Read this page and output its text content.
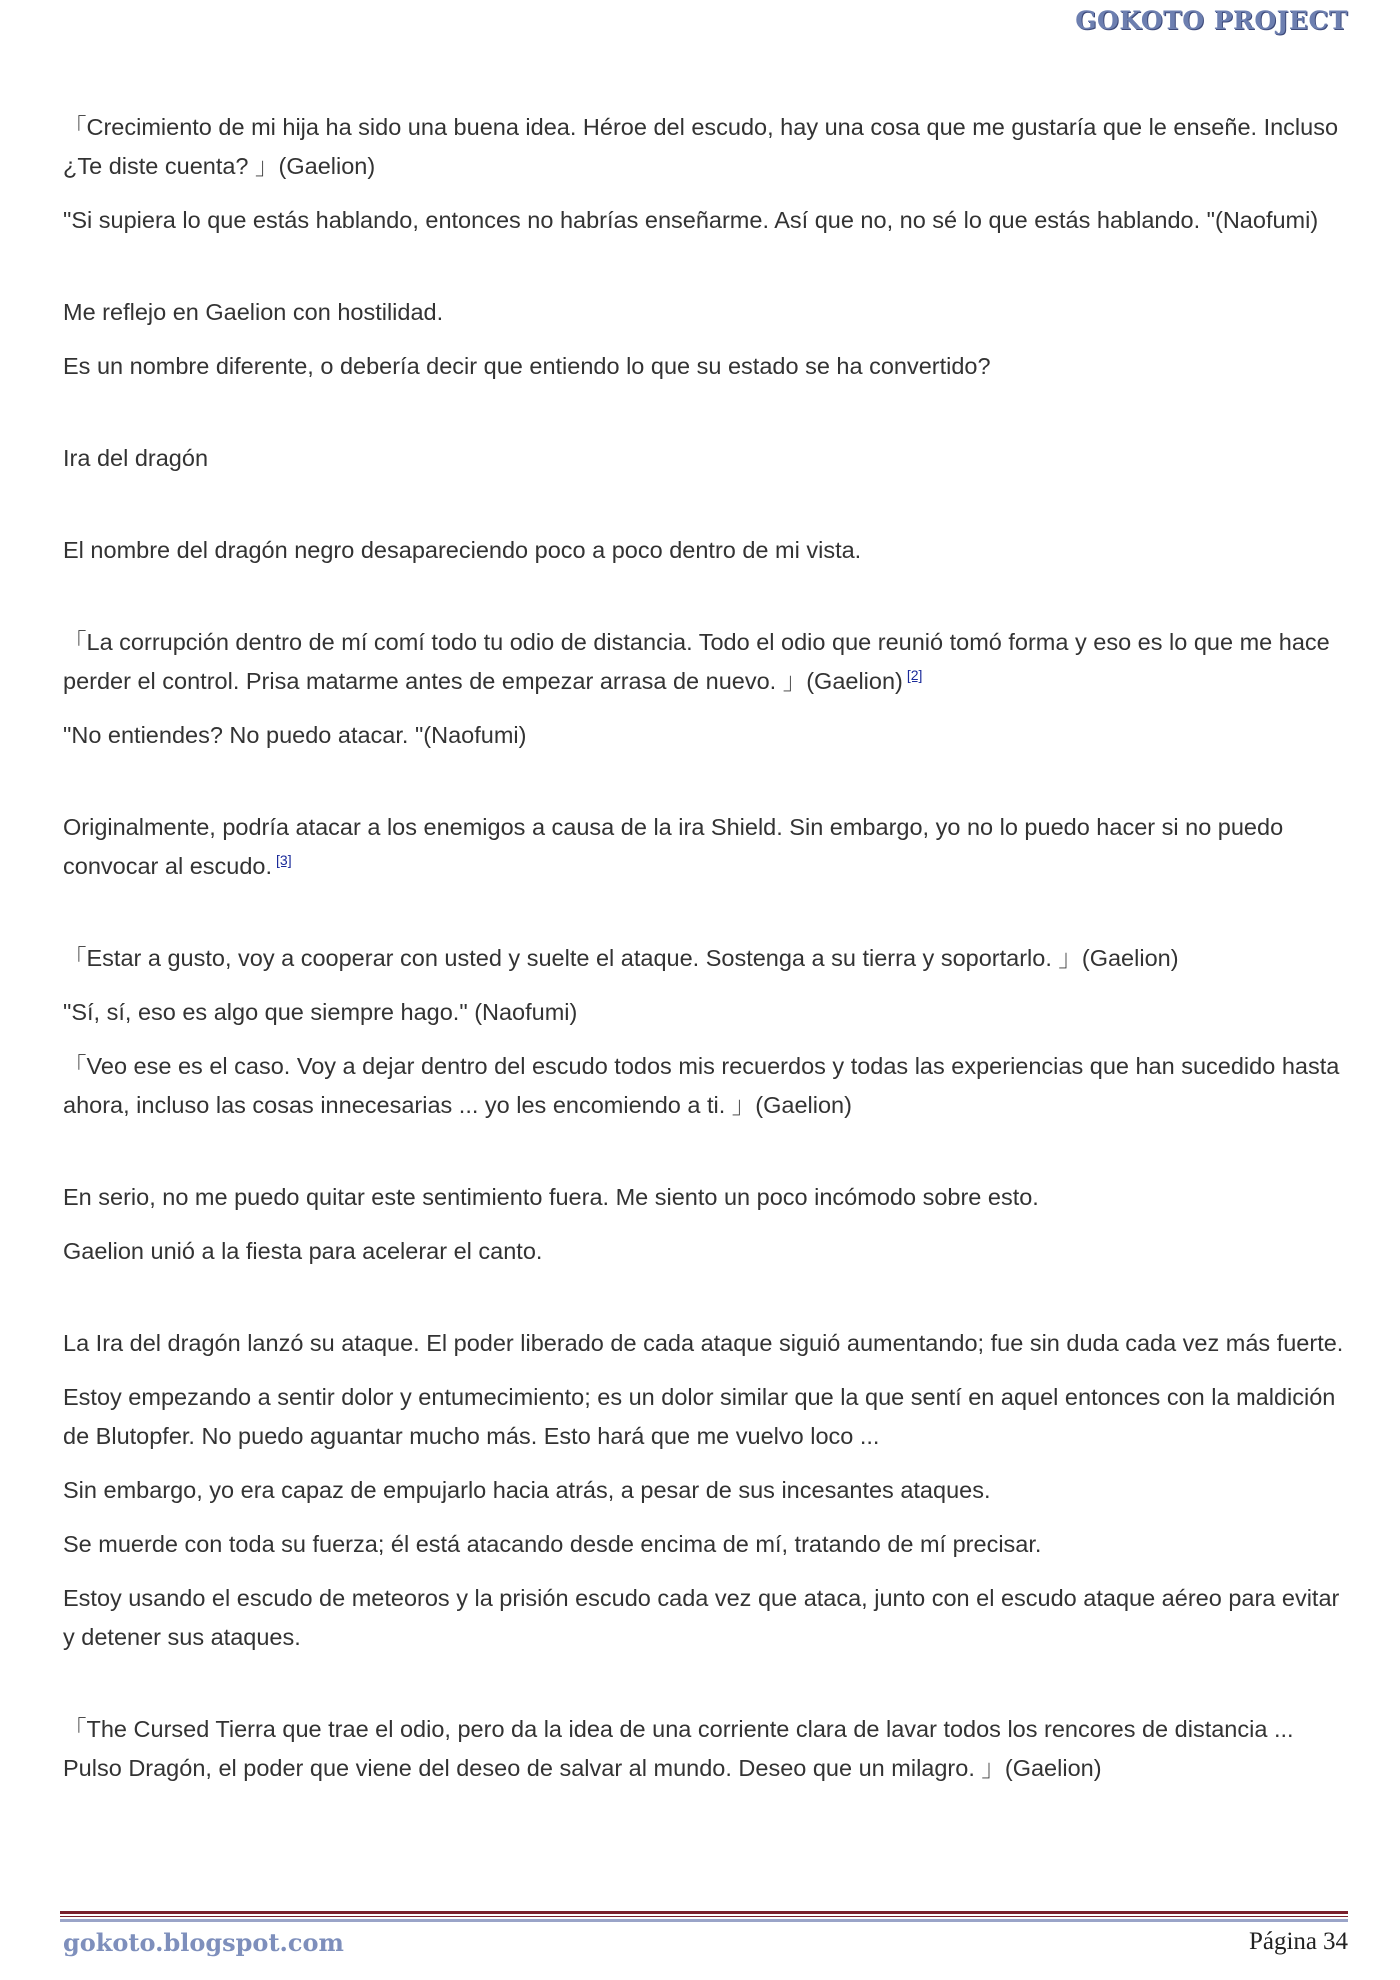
GOKOTO PROJECT

「Crecimiento de mi hija ha sido una buena idea. Héroe del escudo, hay una cosa que me gustaría que le enseñe. Incluso ¿Te diste cuenta? 」(Gaelion)

"Si supiera lo que estás hablando, entonces no habrías enseñarme. Así que no, no sé lo que estás hablando. "(Naofumi)

Me reflejo en Gaelion con hostilidad.

Es un nombre diferente, o debería decir que entiendo lo que su estado se ha convertido?

Ira del dragón

El nombre del dragón negro desapareciendo poco a poco dentro de mi vista.

「La corrupción dentro de mí comí todo tu odio de distancia. Todo el odio que reunió tomó forma y eso es lo que me hace perder el control. Prisa matarme antes de empezar arrasa de nuevo. 」(Gaelion) [2]

"No entiendes? No puedo atacar. "(Naofumi)

Originalmente, podría atacar a los enemigos a causa de la ira Shield. Sin embargo, yo no lo puedo hacer si no puedo convocar al escudo. [3]

「Estar a gusto, voy a cooperar con usted y suelte el ataque. Sostenga a su tierra y soportarlo. 」(Gaelion)

"Sí, sí, eso es algo que siempre hago." (Naofumi)

「Veo ese es el caso. Voy a dejar dentro del escudo todos mis recuerdos y todas las experiencias que han sucedido hasta ahora, incluso las cosas innecesarias ... yo les encomiendo a ti. 」(Gaelion)

En serio, no me puedo quitar este sentimiento fuera. Me siento un poco incómodo sobre esto.

Gaelion unió a la fiesta para acelerar el canto.

La Ira del dragón lanzó su ataque. El poder liberado de cada ataque siguió aumentando; fue sin duda cada vez más fuerte.

Estoy empezando a sentir dolor y entumecimiento; es un dolor similar que la que sentí en aquel entonces con la maldición de Blutopfer. No puedo aguantar mucho más. Esto hará que me vuelvo loco ...

Sin embargo, yo era capaz de empujarlo hacia atrás, a pesar de sus incesantes ataques.

Se muerde con toda su fuerza; él está atacando desde encima de mí, tratando de mí precisar.

Estoy usando el escudo de meteoros y la prisión escudo cada vez que ataca, junto con el escudo ataque aéreo para evitar y detener sus ataques.

「The Cursed Tierra que trae el odio, pero da la idea de una corriente clara de lavar todos los rencores de distancia ... Pulso Dragón, el poder que viene del deseo de salvar al mundo. Deseo que un milagro. 」(Gaelion)

gokoto.blogspot.com	Página 34
